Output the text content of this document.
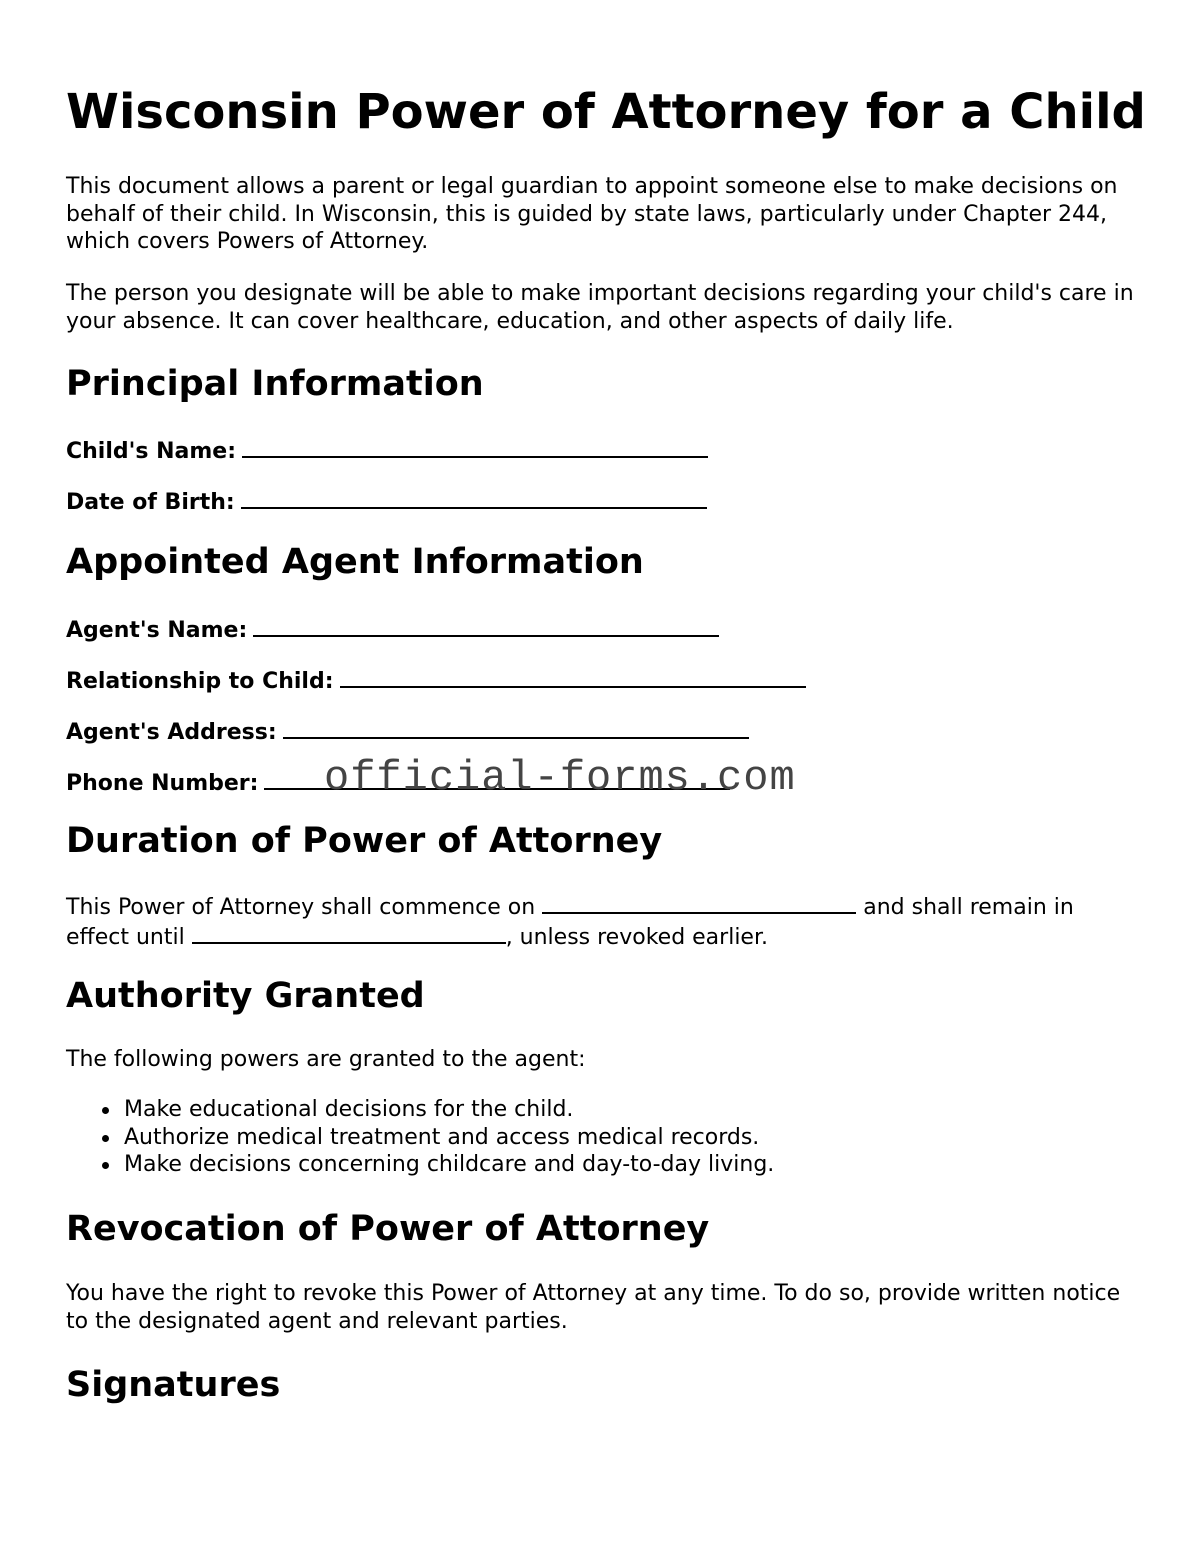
Wisconsin Power of Attorney for a Child

This document allows a parent or legal guardian to appoint someone else to make decisions on behalf of their child. In Wisconsin, this is guided by state laws, particularly under Chapter 244, which covers Powers of Attorney.

The person you designate will be able to make important decisions regarding your child's care in your absence. It can cover healthcare, education, and other aspects of daily life.

Principal Information
Child's Name:
Date of Birth:
Appointed Agent Information
Agent's Name:
Relationship to Child:
Agent's Address:
Phone Number:
Duration of Power of Attorney

This Power of Attorney shall commence on	and shall remain in effect until	, unless revoked earlier.

Authority Granted

The following powers are granted to the agent:

Make educational decisions for the child.
Authorize medical treatment and access medical records.
Make decisions concerning childcare and day-to-day living.
Revocation of Power of Attorney

You have the right to revoke this Power of Attorney at any time. To do so, provide written notice to the designated agent and relevant parties.

Signatures
official-forms.com
